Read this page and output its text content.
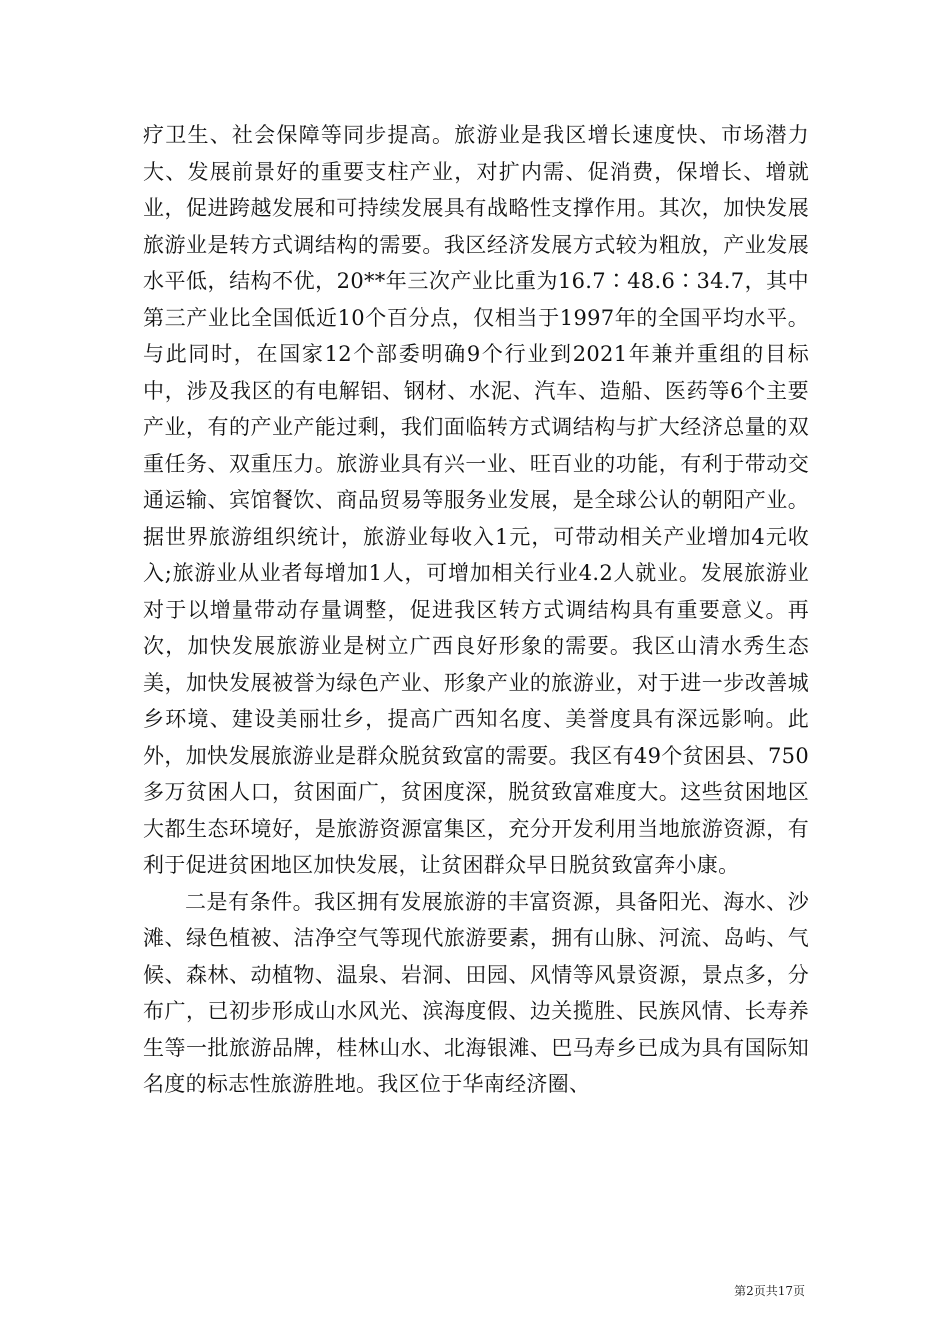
疗卫生、社会保障等同步提高。旅游业是我区增长速度快、市场潜力大、发展前景好的重要支柱产业，对扩内需、促消费，保增长、增就业，促进跨越发展和可持续发展具有战略性支撑作用。其次，加快发展旅游业是转方式调结构的需要。我区经济发展方式较为粗放，产业发展水平低，结构不优，20**年三次产业比重为16.7∶48.6∶34.7，其中第三产业比全国低近10个百分点，仅相当于1997年的全国平均水平。与此同时，在国家12个部委明确9个行业到2021年兼并重组的目标中，涉及我区的有电解铝、钢材、水泥、汽车、造船、医药等6个主要产业，有的产业产能过剩，我们面临转方式调结构与扩大经济总量的双重任务、双重压力。旅游业具有兴一业、旺百业的功能，有利于带动交通运输、宾馆餐饮、商品贸易等服务业发展，是全球公认的朝阳产业。据世界旅游组织统计，旅游业每收入1元，可带动相关产业增加4元收入;旅游业从业者每增加1人，可增加相关行业4.2人就业。发展旅游业对于以增量带动存量调整，促进我区转方式调结构具有重要意义。再次，加快发展旅游业是树立广西良好形象的需要。我区山清水秀生态美，加快发展被誉为绿色产业、形象产业的旅游业，对于进一步改善城乡环境、建设美丽壮乡，提高广西知名度、美誉度具有深远影响。此外，加快发展旅游业是群众脱贫致富的需要。我区有49个贫困县、750多万贫困人口，贫困面广，贫困度深，脱贫致富难度大。这些贫困地区大都生态环境好，是旅游资源富集区，充分开发利用当地旅游资源，有利于促进贫困地区加快发展，让贫困群众早日脱贫致富奔小康。

二是有条件。我区拥有发展旅游的丰富资源，具备阳光、海水、沙滩、绿色植被、洁净空气等现代旅游要素，拥有山脉、河流、岛屿、气候、森林、动植物、温泉、岩洞、田园、风情等风景资源，景点多，分布广，已初步形成山水风光、滨海度假、边关揽胜、民族风情、长寿养生等一批旅游品牌，桂林山水、北海银滩、巴马寿乡已成为具有国际知名度的标志性旅游胜地。我区位于华南经济圈、

第2页共17页
